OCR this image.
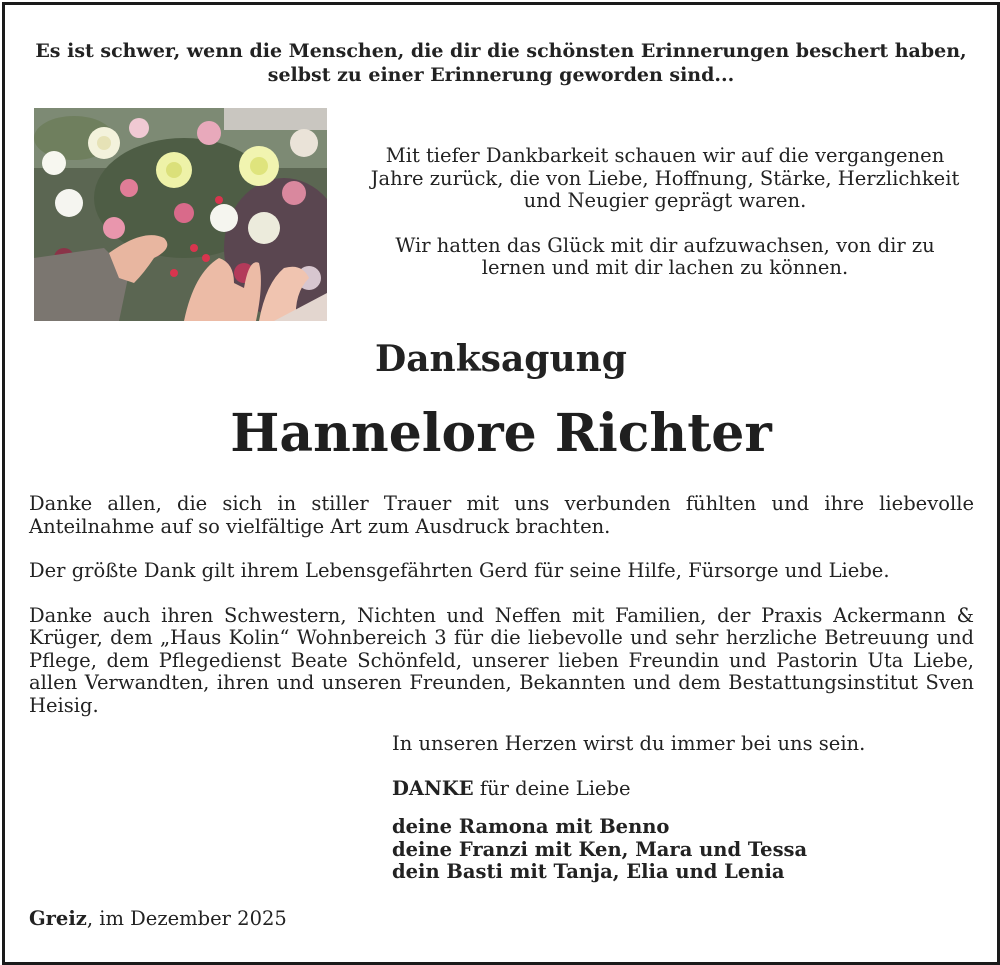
Es ist schwer, wenn die Menschen, die dir die schönsten Erinnerungen beschert haben,
selbst zu einer Erinnerung geworden sind...

Mit tiefer Dankbarkeit schauen wir auf die vergangenen
Jahre zurück, die von Liebe, Hoffnung, Stärke, Herzlichkeit
und Neugier geprägt waren.

Wir hatten das Glück mit dir aufzuwachsen, von dir zu
lernen und mit dir lachen zu können.

Danksagung
Hannelore Richter

Danke allen, die sich in stiller Trauer mit uns verbunden fühlten und ihre liebevolle Anteilnahme auf so vielfältige Art zum Ausdruck brachten.

Der größte Dank gilt ihrem Lebensgefährten Gerd für seine Hilfe, Fürsorge und Liebe.

Danke auch ihren Schwestern, Nichten und Neffen mit Familien, der Praxis Ackermann & Krüger, dem „Haus Kolin“ Wohnbereich 3 für die liebevolle und sehr herzliche Betreuung und Pflege, dem Pflegedienst Beate Schönfeld, unserer lieben Freundin und Pastorin Uta Liebe, allen Verwandten, ihren und unseren Freunden, Bekannten und dem Bestattungsinstitut Sven Heisig.

In unseren Herzen wirst du immer bei uns sein.

DANKE für deine Liebe

deine Ramona mit Benno
deine Franzi mit Ken, Mara und Tessa
dein Basti mit Tanja, Elia und Lenia
Greiz, im Dezember 2025
